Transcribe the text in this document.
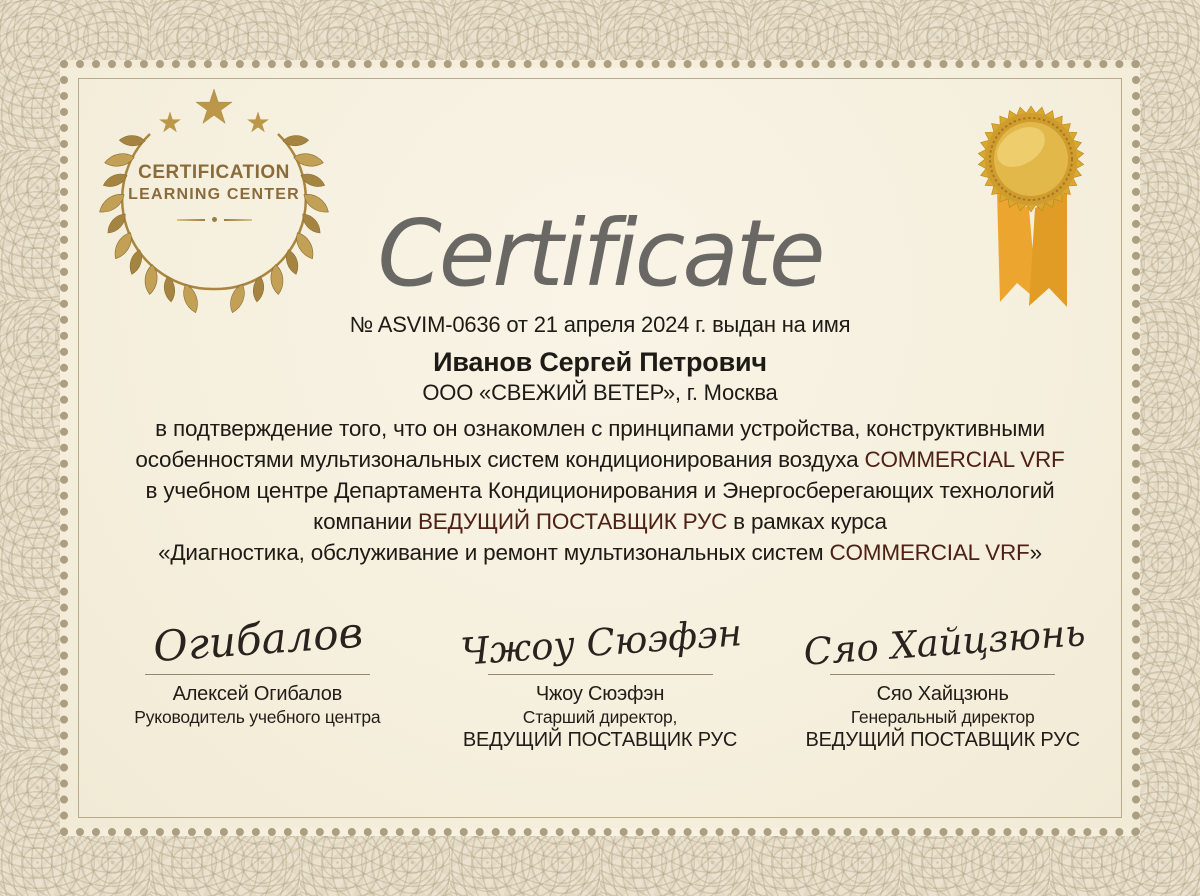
CERTIFICATION
LEARNING CENTER
Certificate
№ ASVIM-0636 от 21 апреля 2024 г. выдан на имя
Иванов Сергей Петрович
ООО «СВЕЖИЙ ВЕТЕР», г. Москва
в подтверждение того, что он ознакомлен с принципами устройства, конструктивными
особенностями мультизональных систем кондиционирования воздуха COMMERCIAL VRF
в учебном центре Департамента Кондиционирования и Энергосберегающих технологий
компании ВЕДУЩИЙ ПОСТАВЩИК РУС в рамках курса
«Диагностика, обслуживание и ремонт мультизональных систем COMMERCIAL VRF»
Огибалов
Алексей Огибалов
Руководитель учебного центра
Чжоу Сюэфэн
Чжоу Сюэфэн
Старший директор,
ВЕДУЩИЙ ПОСТАВЩИК РУС
Сяо Хайцзюнь
Сяо Хайцзюнь
Генеральный директор
ВЕДУЩИЙ ПОСТАВЩИК РУС
